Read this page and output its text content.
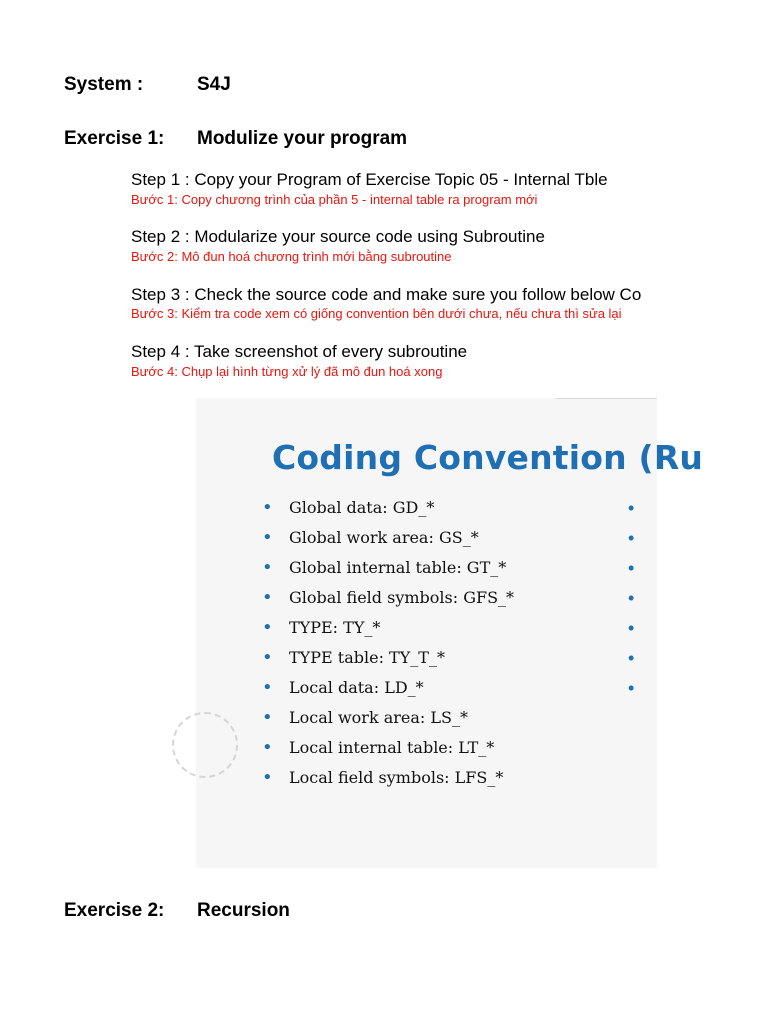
System :	S4J
Exercise 1: Modulize your program
Step 1 : Copy your Program of Exercise Topic 05 - Internal Tble
Bước 1: Copy chương trình của phần 5 - internal table ra program mới
Step 2 : Modularize your source code using Subroutine
Bước 2: Mô đun hoá chương trình mới bằng subroutine
Step 3 : Check the source code and make sure you follow below Co
Bước 3: Kiểm tra code xem có giống convention bên dưới chưa, nếu chưa thì sửa lại
Step 4 : Take screenshot of every subroutine
Bước 4: Chụp lại hình từng xử lý đã mô đun hoá xong
Coding Convention (Ru
• Global data: GD_*
• Global work area: GS_*
• Global internal table: GT_*
• Global field symbols: GFS_*
• TYPE: TY_*
• TYPE table: TY_T_*
• Local data: LD_*
• Local work area: LS_*
• Local internal table: LT_*
• Local field symbols: LFS_*
•
•
•
•
•
•
•
Exercise 2: Recursion
